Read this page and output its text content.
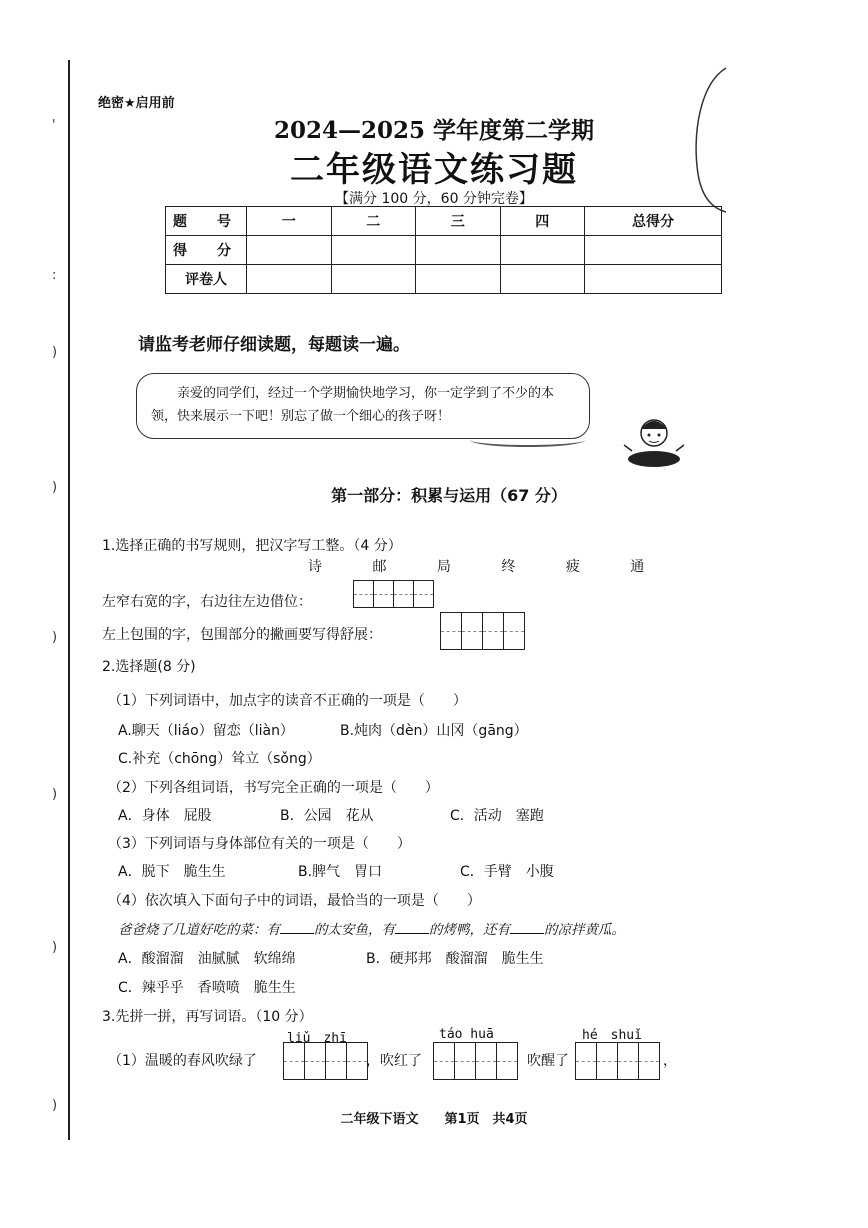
'
:
)
)
)
)
)
)
绝密★启用前
2024—2025 学年度第二学期
二年级语文练习题
【满分 100 分，60 分钟完卷】
题　号	一	二	三	四	总得分
得　分					
评卷人					
请监考老师仔细读题，每题读一遍。
亲爱的同学们，经过一个学期愉快地学习，你一定学到了不少的本领，快来展示一下吧！别忘了做一个细心的孩子呀！
第一部分：积累与运用（67 分）
1.选择正确的书写规则，把汉字写工整。（4 分）
诗	邮	局	终	疲	通
左窄右宽的字，右边往左边借位：
左上包围的字，包围部分的撇画要写得舒展：
2.选择题(8 分)
（1）下列词语中，加点字的读音不正确的一项是（　　）
A.聊天（liáo）留恋（liàn）	B.炖肉（dèn）山冈（gāng）
C.补充（chōng）耸立（sǒng）
（2）下列各组词语，书写完全正确的一项是（　　）
A．身体　屁股	B．公园　花从	C．活动　塞跑
（3）下列词语与身体部位有关的一项是（　　）
A．脱下　脆生生	B.脾气　胃口	C．手臂　小腹
（4）依次填入下面句子中的词语，最恰当的一项是（　　）
爸爸烧了几道好吃的菜：有	的太安鱼，有	的烤鸭，还有	的凉拌黄瓜。
A．酸溜溜　油腻腻　软绵绵	B．硬邦邦　酸溜溜　脆生生
C．辣乎乎　香喷喷　脆生生
3.先拼一拼，再写词语。（10 分）
liǔ　zhī	táo huā	hé　shuǐ
（1）温暖的春风吹绿了	，吹红了	吹醒了	，
二年级下语文　　第1页　共4页
